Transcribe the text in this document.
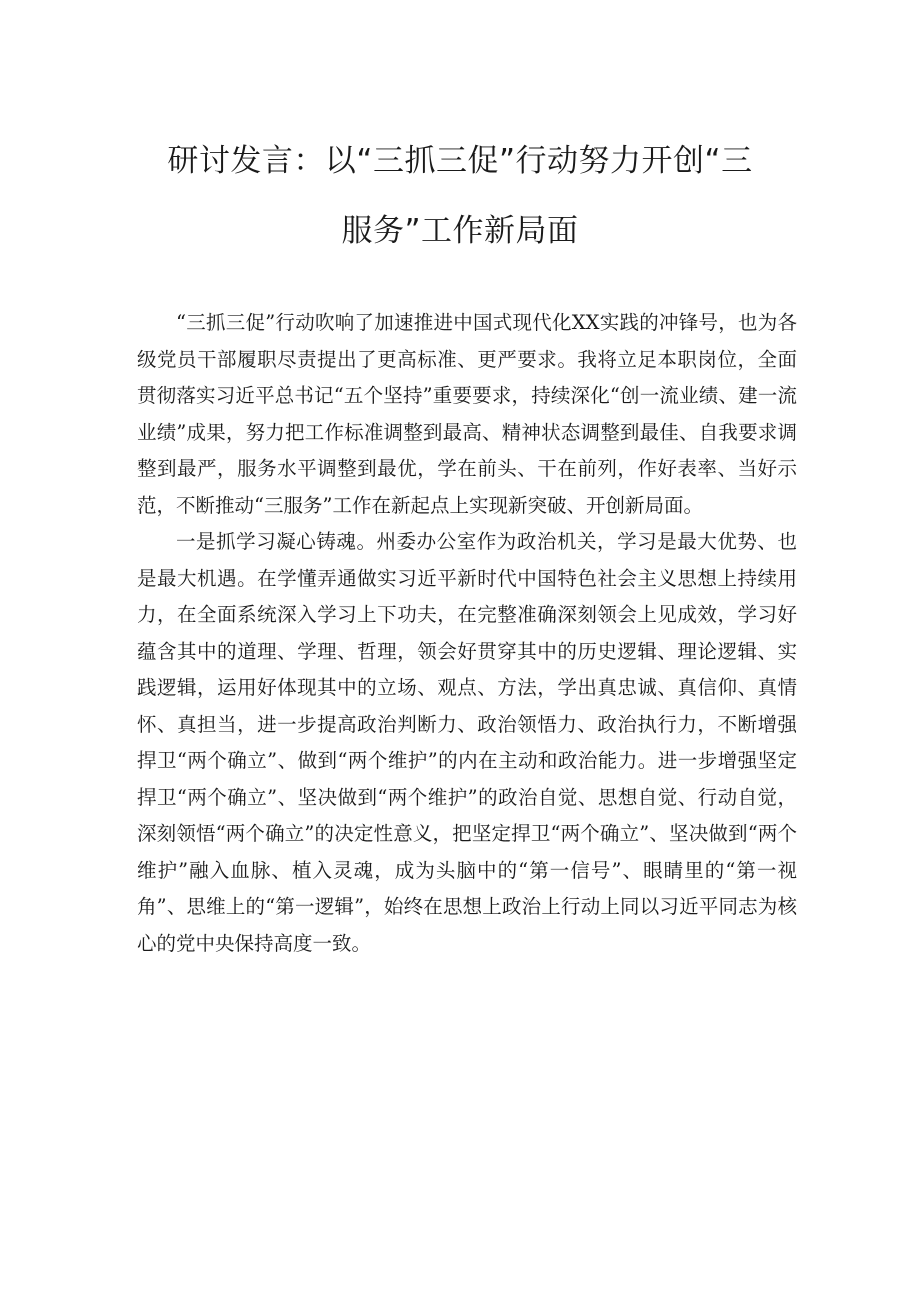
研讨发言：以“三抓三促”行动努力开创“三
服务”工作新局面

“三抓三促”行动吹响了加速推进中国式现代化XX实践的冲锋号，也为各级党员干部履职尽责提出了更高标准、更严要求。我将立足本职岗位，全面贯彻落实习近平总书记“五个坚持”重要要求，持续深化“创一流业绩、建一流业绩”成果，努力把工作标准调整到最高、精神状态调整到最佳、自我要求调整到最严，服务水平调整到最优，学在前头、干在前列，作好表率、当好示范，不断推动“三服务”工作在新起点上实现新突破、开创新局面。

一是抓学习凝心铸魂。州委办公室作为政治机关，学习是最大优势、也是最大机遇。在学懂弄通做实习近平新时代中国特色社会主义思想上持续用力，在全面系统深入学习上下功夫，在完整准确深刻领会上见成效，学习好蕴含其中的道理、学理、哲理，领会好贯穿其中的历史逻辑、理论逻辑、实践逻辑，运用好体现其中的立场、观点、方法，学出真忠诚、真信仰、真情怀、真担当，进一步提高政治判断力、政治领悟力、政治执行力，不断增强捍卫“两个确立”、做到“两个维护”的内在主动和政治能力。进一步增强坚定捍卫“两个确立”、坚决做到“两个维护”的政治自觉、思想自觉、行动自觉，深刻领悟“两个确立”的决定性意义，把坚定捍卫“两个确立”、坚决做到“两个维护”融入血脉、植入灵魂，成为头脑中的“第一信号”、眼睛里的“第一视角”、思维上的“第一逻辑”，始终在思想上政治上行动上同以习近平同志为核心的党中央保持高度一致。
